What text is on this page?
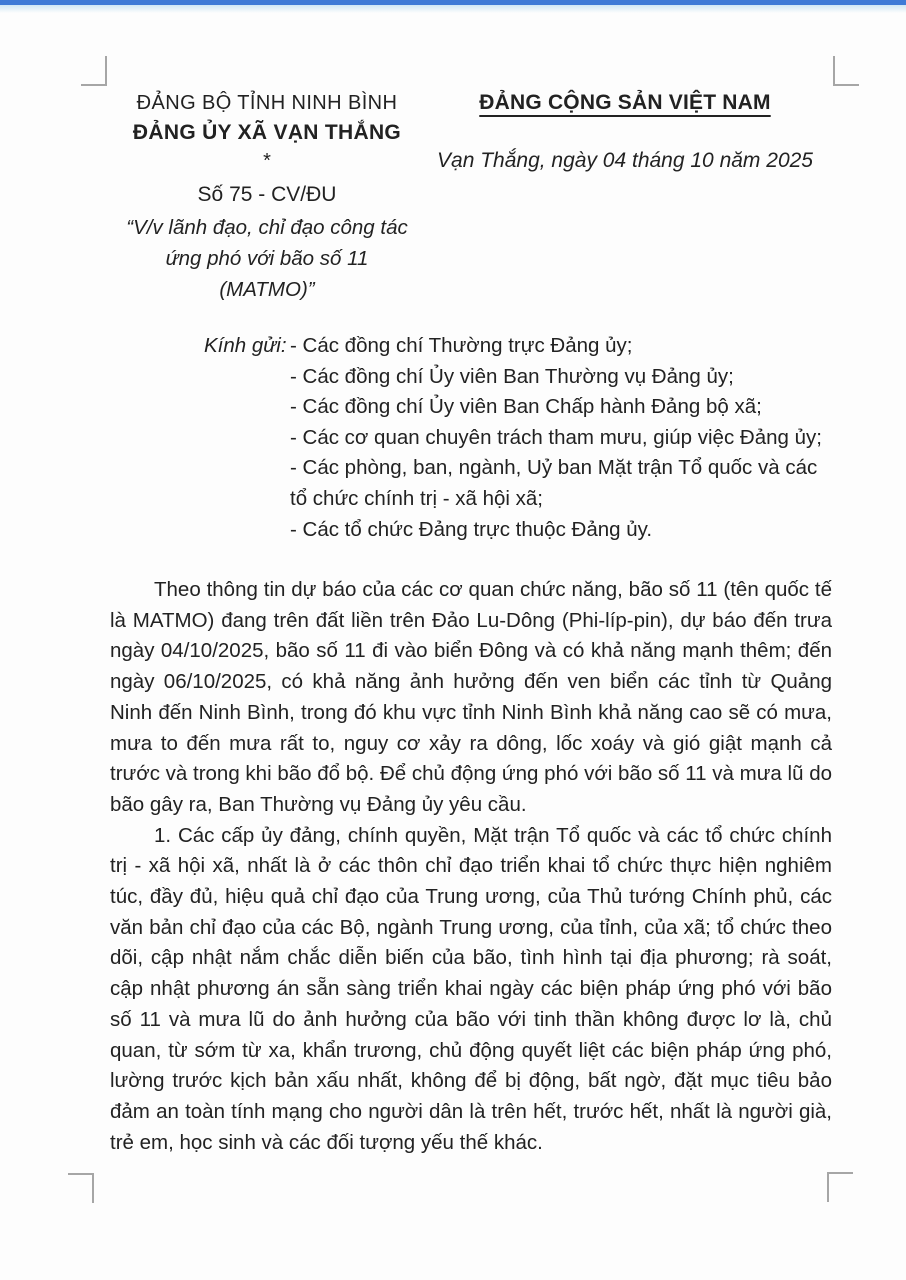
ĐẢNG BỘ TỈNH NINH BÌNH
ĐẢNG ỦY XÃ VẠN THẮNG
*
Số 75 - CV/ĐU
“V/v lãnh đạo, chỉ đạo công tác
ứng phó với bão số 11
(MATMO)”
ĐẢNG CỘNG SẢN VIỆT NAM
Vạn Thắng, ngày 04 tháng 10 năm 2025
Kính gửi: - Các đồng chí Thường trực Đảng ủy;
- Các đồng chí Ủy viên Ban Thường vụ Đảng ủy;
- Các đồng chí Ủy viên Ban Chấp hành Đảng bộ xã;
- Các cơ quan chuyên trách tham mưu, giúp việc Đảng ủy;
- Các phòng, ban, ngành, Uỷ ban Mặt trận Tổ quốc và các tổ chức chính trị - xã hội xã;
- Các tổ chức Đảng trực thuộc Đảng ủy.

Theo thông tin dự báo của các cơ quan chức năng, bão số 11 (tên quốc tế là MATMO) đang trên đất liền trên Đảo Lu-Dông (Phi-líp-pin), dự báo đến trưa ngày 04/10/2025, bão số 11 đi vào biển Đông và có khả năng mạnh thêm; đến ngày 06/10/2025, có khả năng ảnh hưởng đến ven biển các tỉnh từ Quảng Ninh đến Ninh Bình, trong đó khu vực tỉnh Ninh Bình khả năng cao sẽ có mưa, mưa to đến mưa rất to, nguy cơ xảy ra dông, lốc xoáy và gió giật mạnh cả trước và trong khi bão đổ bộ. Để chủ động ứng phó với bão số 11 và mưa lũ do bão gây ra, Ban Thường vụ Đảng ủy yêu cầu.

1. Các cấp ủy đảng, chính quyền, Mặt trận Tổ quốc và các tổ chức chính trị - xã hội xã, nhất là ở các thôn chỉ đạo triển khai tổ chức thực hiện nghiêm túc, đầy đủ, hiệu quả chỉ đạo của Trung ương, của Thủ tướng Chính phủ, các văn bản chỉ đạo của các Bộ, ngành Trung ương, của tỉnh, của xã; tổ chức theo dõi, cập nhật nắm chắc diễn biến của bão, tình hình tại địa phương; rà soát, cập nhật phương án sẵn sàng triển khai ngày các biện pháp ứng phó với bão số 11 và mưa lũ do ảnh hưởng của bão với tinh thần không được lơ là, chủ quan, từ sớm từ xa, khẩn trương, chủ động quyết liệt các biện pháp ứng phó, lường trước kịch bản xấu nhất, không để bị động, bất ngờ, đặt mục tiêu bảo đảm an toàn tính mạng cho người dân là trên hết, trước hết, nhất là người già, trẻ em, học sinh và các đối tượng yếu thế khác.
